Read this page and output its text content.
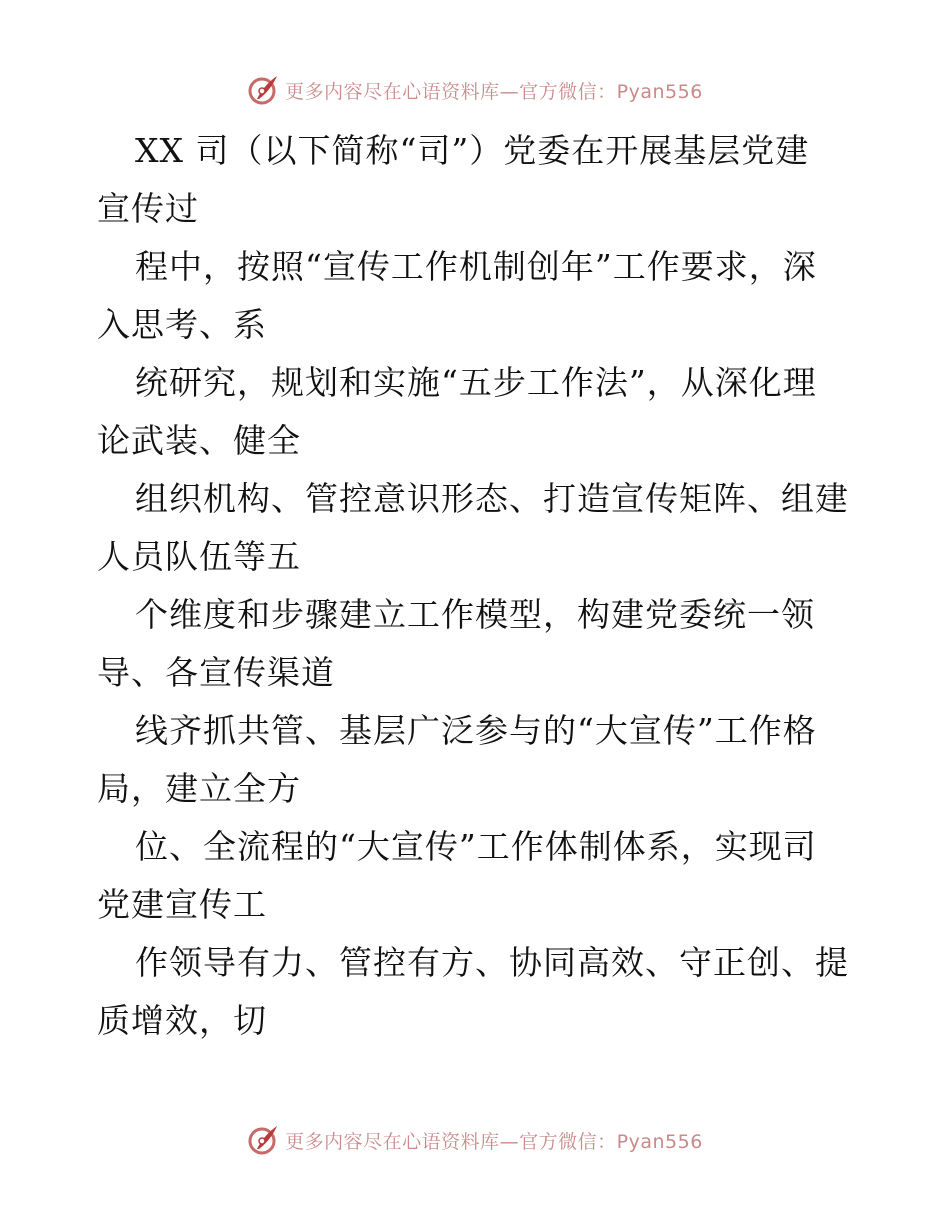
更多内容尽在心语资料库—官方微信：Pyan556
XX 司（以下简称“司”）党委在开展基层党建
宣传过
程中，按照“宣传工作机制创年”工作要求，深
入思考、系
统研究，规划和实施“五步工作法”，从深化理
论武装、健全
组织机构、管控意识形态、打造宣传矩阵、组建
人员队伍等五
个维度和步骤建立工作模型，构建党委统一领
导、各宣传渠道
线齐抓共管、基层广泛参与的“大宣传”工作格
局，建立全方
位、全流程的“大宣传”工作体制体系，实现司
党建宣传工
作领导有力、管控有方、协同高效、守正创、提
质增效，切
更多内容尽在心语资料库—官方微信：Pyan556
